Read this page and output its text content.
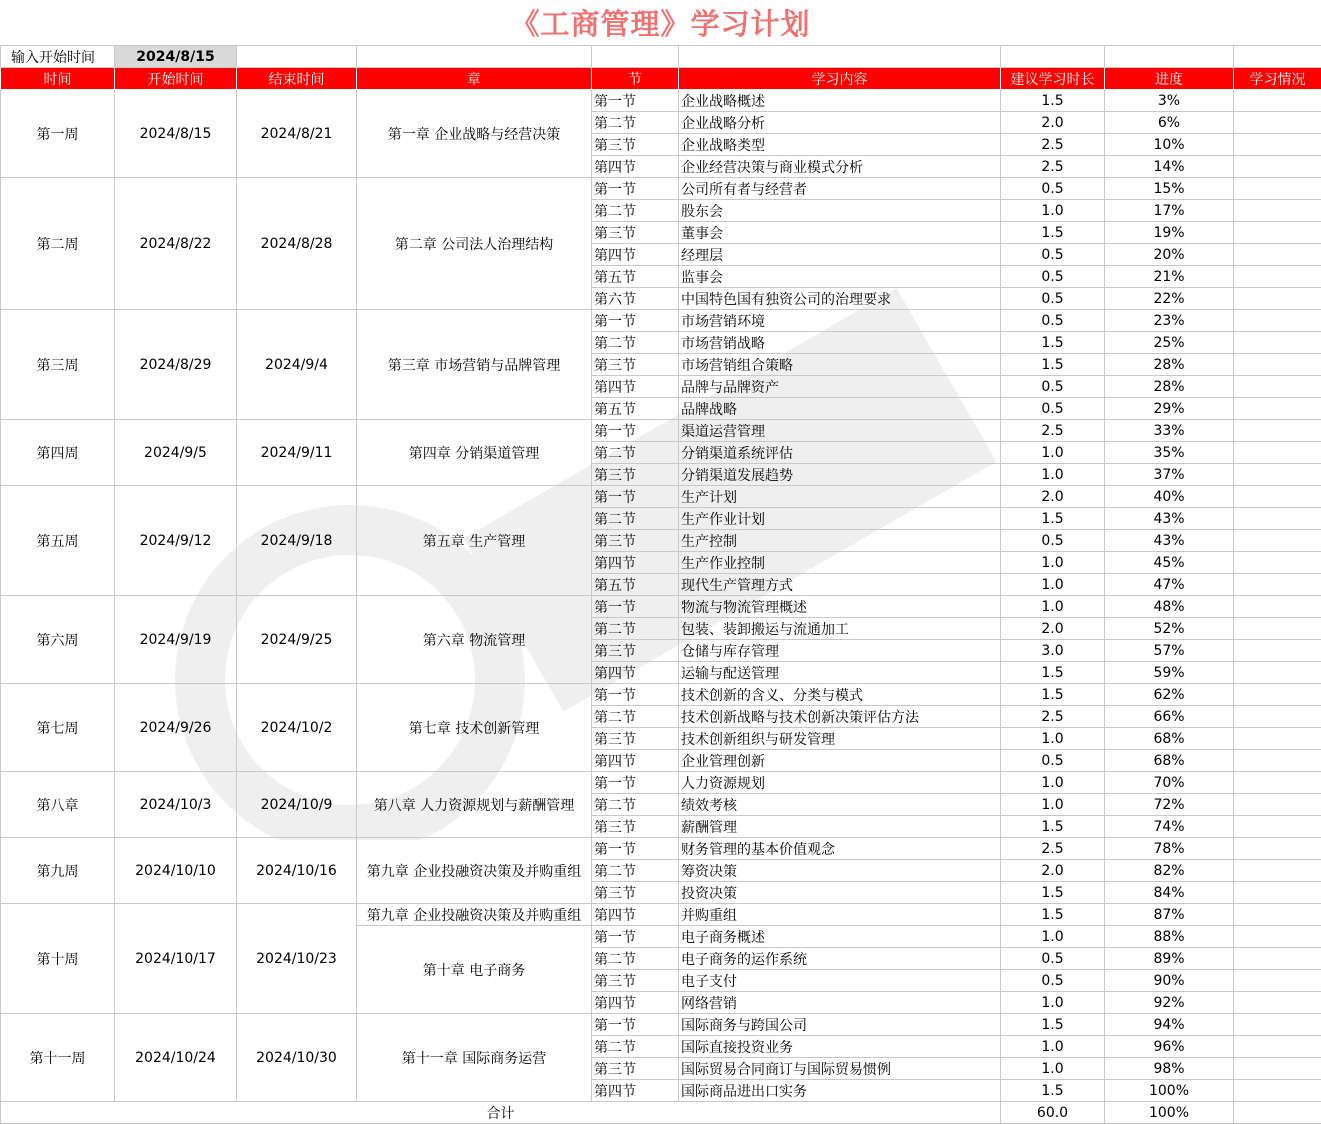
《工商管理》学习计划
输入开始时间	2024/8/15							
时间	开始时间	结束时间	章	节	学习内容	建议学习时长	进度	学习情况
第一周	2024/8/15	2024/8/21	第一章 企业战略与经营决策	第一节	企业战略概述	1.5	3%	
				第二节	企业战略分析	2.0	6%	
				第三节	企业战略类型	2.5	10%	
				第四节	企业经营决策与商业模式分析	2.5	14%	
第二周	2024/8/22	2024/8/28	第二章 公司法人治理结构	第一节	公司所有者与经营者	0.5	15%	
				第二节	股东会	1.0	17%	
				第三节	董事会	1.5	19%	
				第四节	经理层	0.5	20%	
				第五节	监事会	0.5	21%	
				第六节	中国特色国有独资公司的治理要求	0.5	22%	
第三周	2024/8/29	2024/9/4	第三章 市场营销与品牌管理	第一节	市场营销环境	0.5	23%	
				第二节	市场营销战略	1.5	25%	
				第三节	市场营销组合策略	1.5	28%	
				第四节	品牌与品牌资产	0.5	28%	
				第五节	品牌战略	0.5	29%	
第四周	2024/9/5	2024/9/11	第四章 分销渠道管理	第一节	渠道运营管理	2.5	33%	
				第二节	分销渠道系统评估	1.0	35%	
				第三节	分销渠道发展趋势	1.0	37%	
第五周	2024/9/12	2024/9/18	第五章 生产管理	第一节	生产计划	2.0	40%	
				第二节	生产作业计划	1.5	43%	
				第三节	生产控制	0.5	43%	
				第四节	生产作业控制	1.0	45%	
				第五节	现代生产管理方式	1.0	47%	
第六周	2024/9/19	2024/9/25	第六章 物流管理	第一节	物流与物流管理概述	1.0	48%	
				第二节	包装、装卸搬运与流通加工	2.0	52%	
				第三节	仓储与库存管理	3.0	57%	
				第四节	运输与配送管理	1.5	59%	
第七周	2024/9/26	2024/10/2	第七章 技术创新管理	第一节	技术创新的含义、分类与模式	1.5	62%	
				第二节	技术创新战略与技术创新决策评估方法	2.5	66%	
				第三节	技术创新组织与研发管理	1.0	68%	
				第四节	企业管理创新	0.5	68%	
第八章	2024/10/3	2024/10/9	第八章 人力资源规划与薪酬管理	第一节	人力资源规划	1.0	70%	
				第二节	绩效考核	1.0	72%	
				第三节	薪酬管理	1.5	74%	
第九周	2024/10/10	2024/10/16	第九章 企业投融资决策及并购重组	第一节	财务管理的基本价值观念	2.5	78%	
				第二节	筹资决策	2.0	82%	
				第三节	投资决策	1.5	84%	
第十周	2024/10/17	2024/10/23	第九章 企业投融资决策及并购重组	第四节	并购重组	1.5	87%	
			第十章 电子商务	第一节	电子商务概述	1.0	88%	
				第二节	电子商务的运作系统	0.5	89%	
				第三节	电子支付	0.5	90%	
				第四节	网络营销	1.0	92%	
第十一周	2024/10/24	2024/10/30	第十一章 国际商务运营	第一节	国际商务与跨国公司	1.5	94%	
				第二节	国际直接投资业务	1.0	96%	
				第三节	国际贸易合同商订与国际贸易惯例	1.0	98%	
				第四节	国际商品进出口实务	1.5	100%	
合计						60.0	100%	
